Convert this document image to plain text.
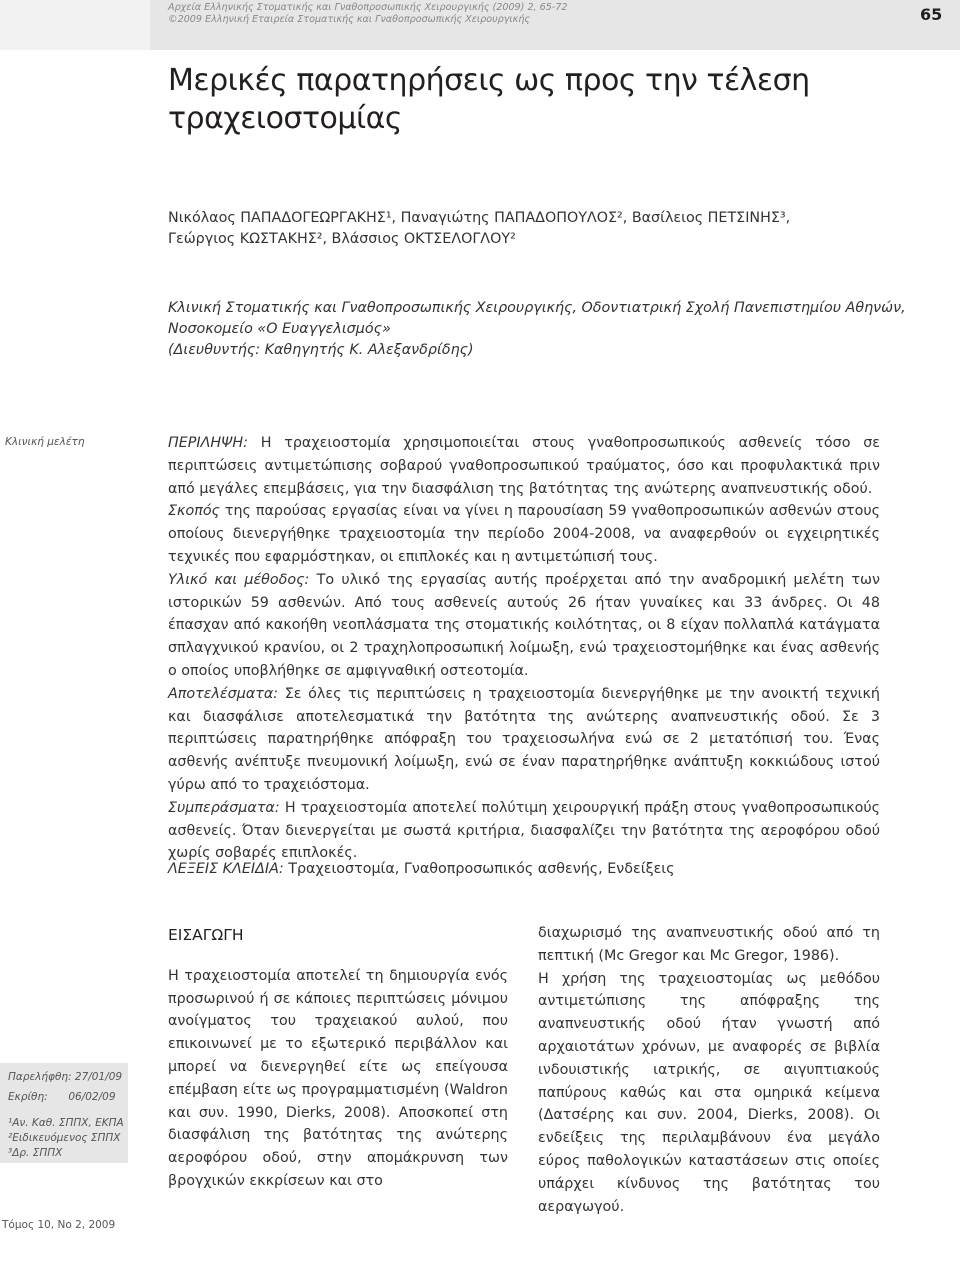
Αρχεία Ελληνικής Στοματικής και Γναθοπροσωπικής Χειρουργικής (2009) 2, 65-72
©2009 Ελληνική Εταιρεία Στοματικής και Γναθοπροσωπικής Χειρουργικής	65
Μερικές παρατηρήσεις ως προς την τέλεση
τραχειοστομίας
Νικόλαος ΠΑΠΑΔΟΓΕΩΡΓΑΚΗΣ¹, Παναγιώτης ΠΑΠΑΔΟΠΟΥΛΟΣ², Βασίλειος ΠΕΤΣΙΝΗΣ³,
Γεώργιος ΚΩΣΤΑΚΗΣ², Βλάσσιος ΟΚΤΣΕΛΟΓΛΟΥ²
Κλινική Στοματικής και Γναθοπροσωπικής Χειρουργικής, Οδοντιατρική Σχολή Πανεπιστημίου Αθηνών,
Νοσοκομείο «Ο Ευαγγελισμός»
(Διευθυντής: Καθηγητής Κ. Αλεξανδρίδης)
Κλινική μελέτη	ΠΕΡΙΛΗΨΗ: Η τραχειοστομία χρησιμοποιείται στους γναθοπροσωπικούς ασθενείς τόσο σε περιπτώσεις αντιμετώπισης σοβαρού γναθοπροσωπικού τραύματος, όσο και προφυλακτικά πριν από μεγάλες επεμβάσεις, για την διασφάλιση της βατότητας της ανώτερης αναπνευστικής οδού.

Σκοπός της παρούσας εργασίας είναι να γίνει η παρουσίαση 59 γναθοπροσωπικών ασθενών στους οποίους διενεργήθηκε τραχειοστομία την περίοδο 2004-2008, να αναφερθούν οι εγχειρητικές τεχνικές που εφαρμόστηκαν, οι επιπλοκές και η αντιμετώπισή τους.

Υλικό και μέθοδος: Το υλικό της εργασίας αυτής προέρχεται από την αναδρομική μελέτη των ιστορικών 59 ασθενών. Από τους ασθενείς αυτούς 26 ήταν γυναίκες και 33 άνδρες. Οι 48 έπασχαν από κακοήθη νεοπλάσματα της στοματικής κοιλότητας, οι 8 είχαν πολλαπλά κατάγματα σπλαγχνικού κρανίου, οι 2 τραχηλοπροσωπική λοίμωξη, ενώ τραχειοστομήθηκε και ένας ασθενής ο οποίος υποβλήθηκε σε αμφιγναθική οστεοτομία.

Αποτελέσματα: Σε όλες τις περιπτώσεις η τραχειοστομία διενεργήθηκε με την ανοικτή τεχνική και διασφάλισε αποτελεσματικά την βατότητα της ανώτερης αναπνευστικής οδού. Σε 3 περιπτώσεις παρατηρήθηκε απόφραξη του τραχειοσωλήνα ενώ σε 2 μετατόπισή του. Ένας ασθενής ανέπτυξε πνευμονική λοίμωξη, ενώ σε έναν παρατηρήθηκε ανάπτυξη κοκκιώδους ιστού γύρω από το τραχειόστομα.

Συμπεράσματα: Η τραχειοστομία αποτελεί πολύτιμη χειρουργική πράξη στους γναθοπροσωπικούς ασθενείς. Όταν διενεργείται με σωστά κριτήρια, διασφαλίζει την βατότητα της αεροφόρου οδού χωρίς σοβαρές επιπλοκές.

ΛΕΞΕΙΣ ΚΛΕΙΔΙΑ: Τραχειοστομία, Γναθοπροσωπικός ασθενής, Ενδείξεις
ΕΙΣΑΓΩΓΗ

Η τραχειοστομία αποτελεί τη δημιουργία ενός προσωρινού ή σε κάποιες περιπτώσεις μόνιμου ανοίγματος του τραχειακού αυλού, που επικοινωνεί με το εξωτερικό περιβάλλον και μπορεί να διενεργηθεί είτε ως επείγουσα επέμβαση είτε ως προγραμματισμένη (Waldron και συν. 1990, Dierks, 2008). Αποσκοπεί στη διασφάλιση της βατότητας της ανώτερης αεροφόρου οδού, στην απομάκρυνση των βρογχικών εκκρίσεων και στο

διαχωρισμό της αναπνευστικής οδού από τη πεπτική (Mc Gregor και Mc Gregor, 1986).

Η χρήση της τραχειοστομίας ως μεθόδου αντιμετώπισης της απόφραξης της αναπνευστικής οδού ήταν γνωστή από αρχαιοτάτων χρόνων, με αναφορές σε βιβλία ινδουιστικής ιατρικής, σε αιγυπτιακούς παπύρους καθώς και στα ομηρικά κείμενα (Δατσέρης και συν. 2004, Dierks, 2008). Οι ενδείξεις της περιλαμβάνουν ένα μεγάλο εύρος παθολογικών καταστάσεων στις οποίες υπάρχει κίνδυνος της βατότητας του αεραγωγού.

Παρελήφθη: 27/01/09
Εκρίθη: 06/02/09
¹Αν. Καθ. ΣΠΠΧ, ΕΚΠΑ
²Ειδικευόμενος ΣΠΠΧ
³Δρ. ΣΠΠΧ
Τόμος 10, Νο 2, 2009
